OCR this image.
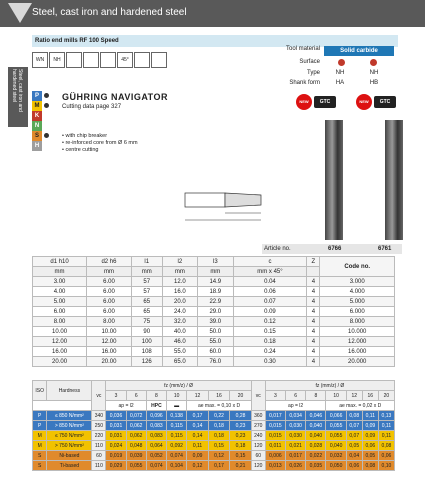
Steel, cast iron and hardened steel
Steel, cast iron and hardened steel
Ratio end mills RF 100 Speed
WN	NH	45°
Tool material	Solid carbide
Surface
Type	NH	NH
Shank form	HA	HB
P
M
K
N
S
H
GÜHRING NAVIGATOR
Cutting data page 327
• with chip breaker
• re-inforced core from Ø 6 mm
• centre cutting
NEW	GTC	NEW	GTC
Article no.	6766	6761
d1 h10	d2 h6	l1	l2	l3	c	Z	Code no.
mm	mm	mm	mm	mm	mm x 45°		
3.00	6.00	57	12.0	14.9	0.04	4	3.000
4.00	6.00	57	16.0	18.9	0.06	4	4.000
5.00	6.00	65	20.0	22.9	0.07	4	5.000
6.00	6.00	65	24.0	29.0	0.09	4	6.000
8.00	8.00	75	32.0	39.0	0.12	4	8.000
10.00	10.00	90	40.0	50.0	0.15	4	10.000
12.00	12.00	100	46.0	55.0	0.18	4	12.000
16.00	16.00	108	55.0	60.0	0.24	4	16.000
20.00	20.00	126	65.0	76.0	0.30	4	20.000
ISO	Hardness	vc	fz (mm/z) / Ø							vc	fz (mm/z) / Ø						
			3	6	8	10	12	16	20		3	6	8	10	12	16	20
			ap = l2		HPC	▬	ae max. = 0,10 x D				ap = l2			ae max. = 0,02 x D			
P	≤ 850 N/mm²	340	0,036	0,072	0,096	0,138	0,17	0,22	0,28	360	0,017	0,034	0,046	0,066	0,08	0,11	0,13
P	> 850 N/mm²	250	0,031	0,062	0,083	0,115	0,14	0,18	0,23	270	0,015	0,030	0,040	0,055	0,07	0,09	0,11
M	≤ 750 N/mm²	220	0,031	0,062	0,083	0,115	0,14	0,18	0,23	240	0,015	0,030	0,040	0,055	0,07	0,09	0,11
M	> 750 N/mm²	110	0,024	0,048	0,064	0,092	0,11	0,15	0,18	120	0,011	0,021	0,028	0,040	0,05	0,06	0,08
S	Ni-based	60	0,019	0,039	0,052	0,074	0,09	0,12	0,15	60	0,006	0,017	0,022	0,032	0,04	0,05	0,06
S	Ti-based	110	0,029	0,055	0,074	0,104	0,12	0,17	0,21	120	0,013	0,026	0,035	0,050	0,06	0,08	0,10
